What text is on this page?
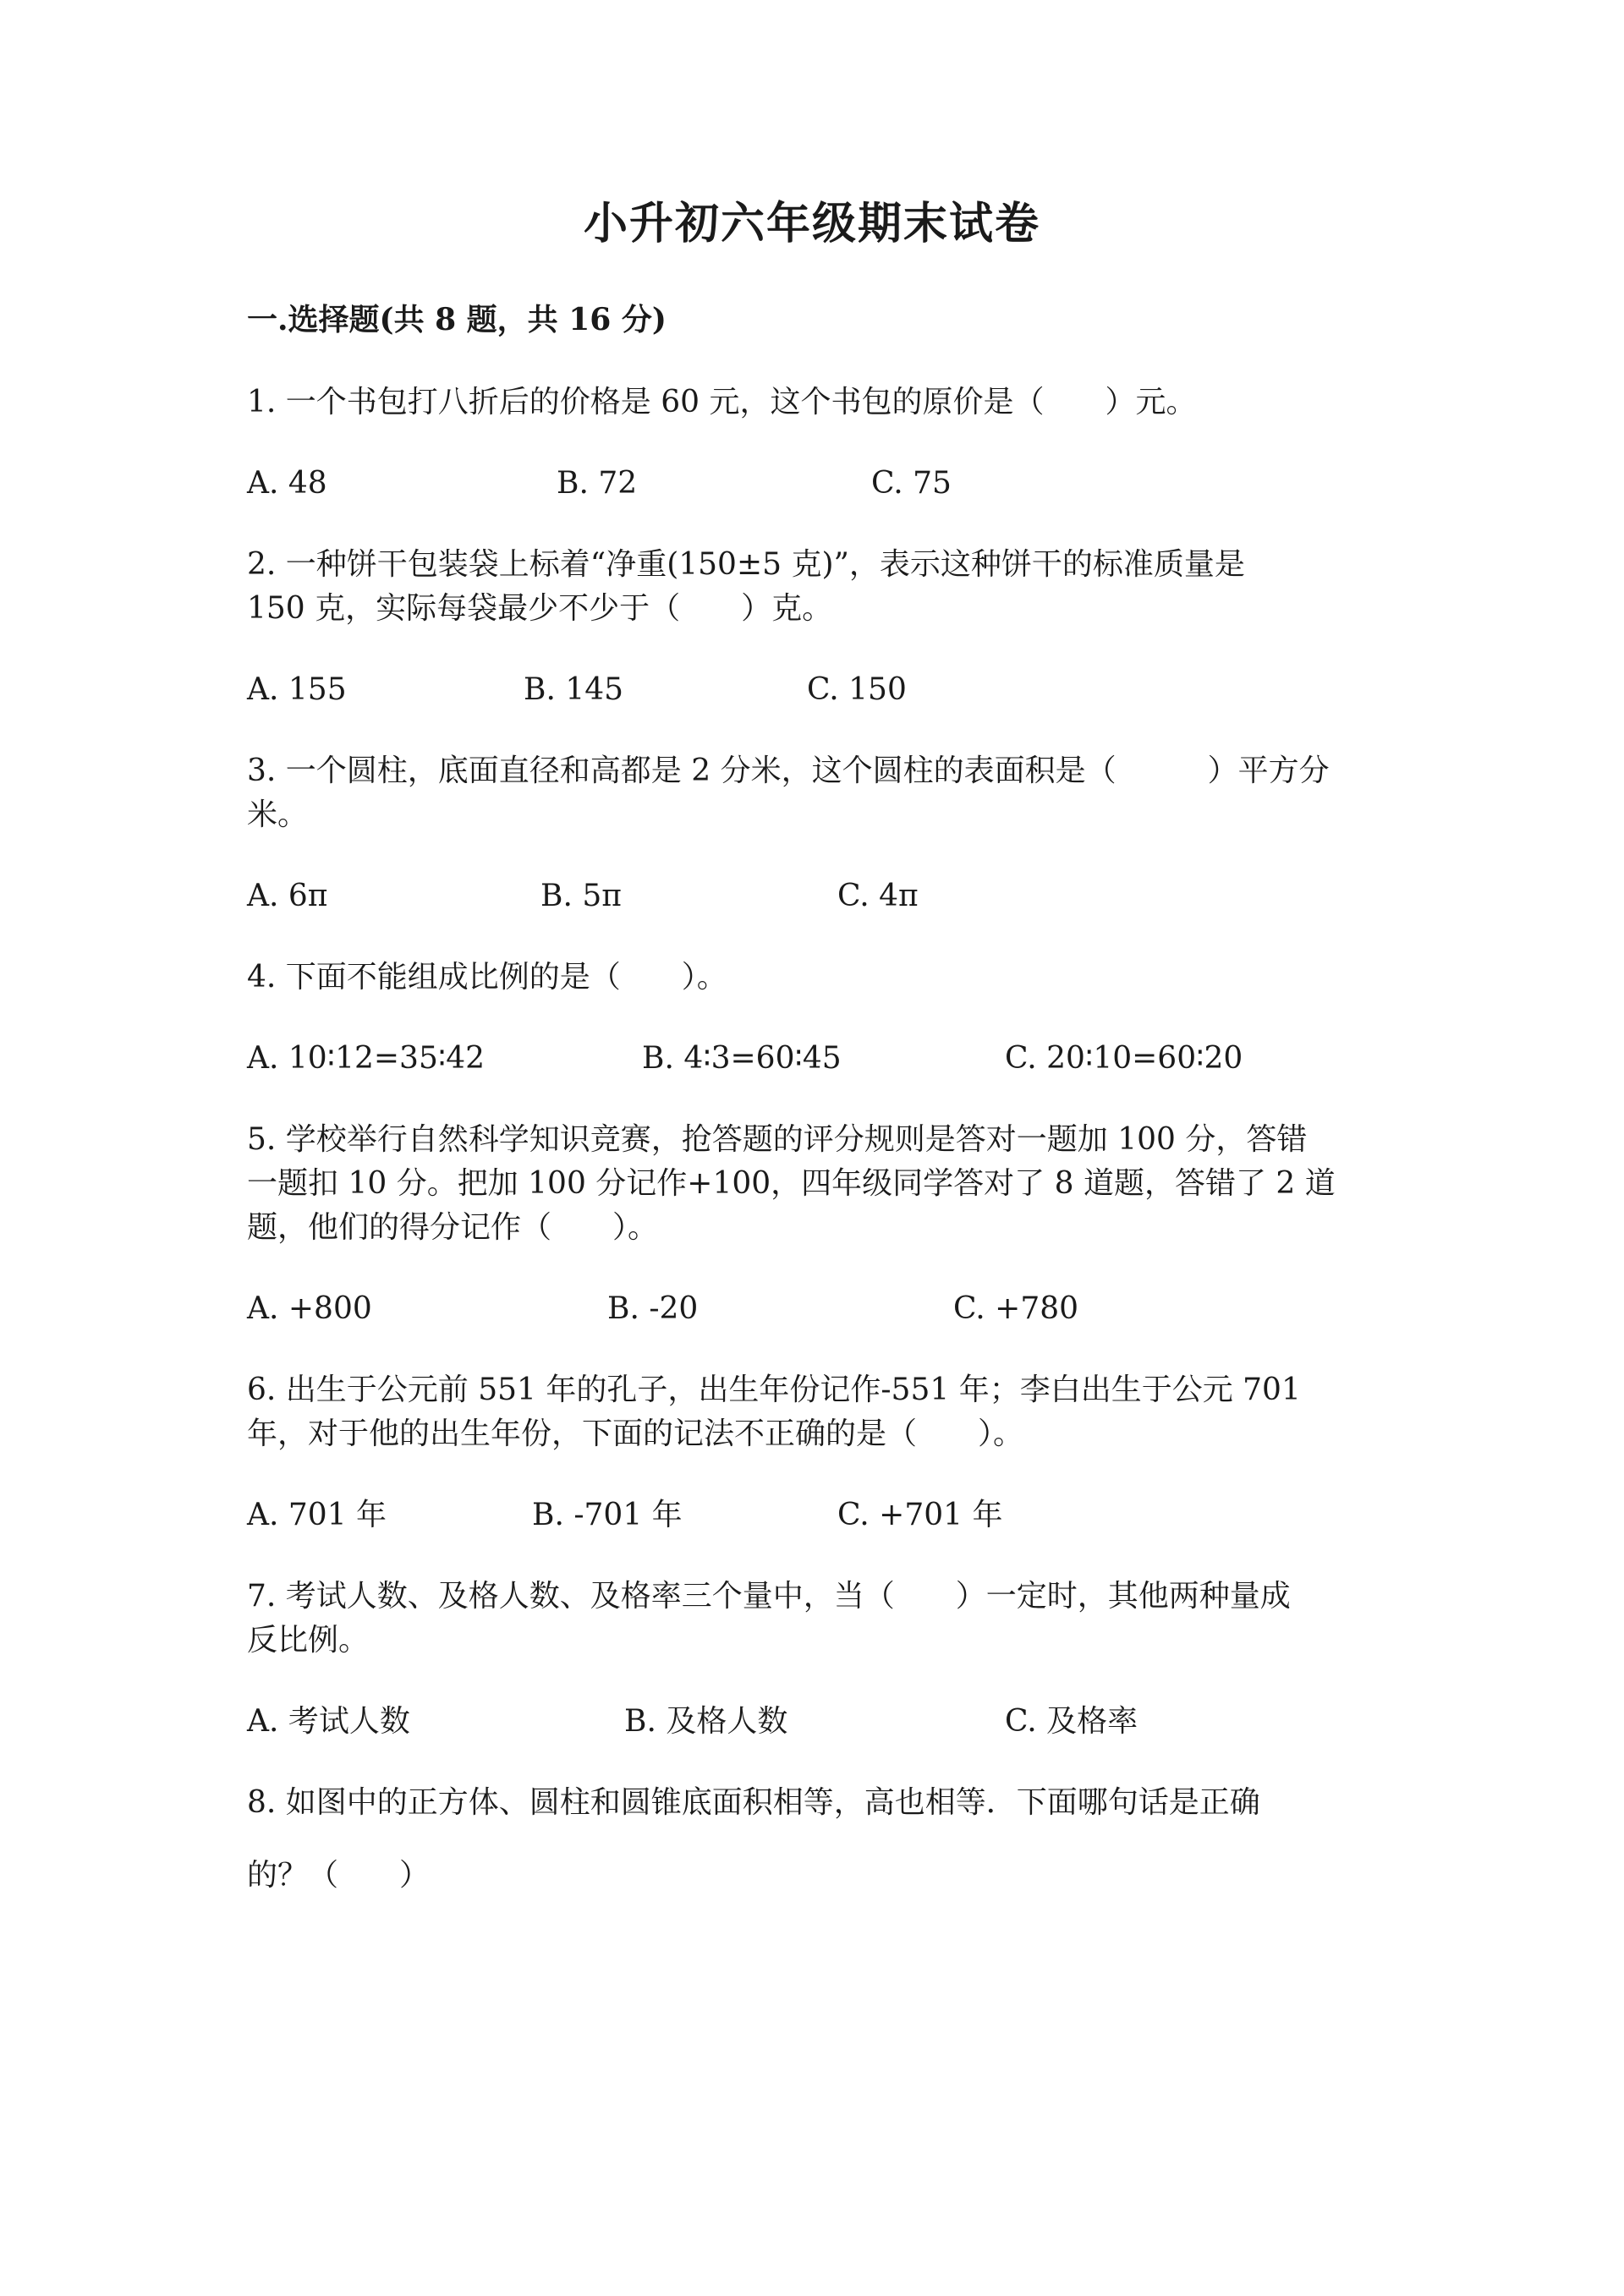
小升初六年级期末试卷
一.选择题(共 8 题，共 16 分)
1. 一个书包打八折后的价格是 60 元，这个书包的原价是（　　）元。
A. 48	B. 72	C. 75
2. 一种饼干包装袋上标着“净重(150±5 克)”，表示这种饼干的标准质量是
150 克，实际每袋最少不少于（　　）克。
A. 155	B. 145	C. 150
3. 一个圆柱，底面直径和高都是 2 分米，这个圆柱的表面积是（　　　）平方分
米。
A. 6π	B. 5π	C. 4π
4. 下面不能组成比例的是（　　）。
A. 10∶12=35∶42	B. 4∶3=60∶45	C. 20∶10=60∶20
5. 学校举行自然科学知识竞赛，抢答题的评分规则是答对一题加 100 分，答错
一题扣 10 分。把加 100 分记作+100，四年级同学答对了 8 道题，答错了 2 道
题，他们的得分记作（　　）。
A. +800	B. -20	C. +780
6. 出生于公元前 551 年的孔子，出生年份记作-551 年；李白出生于公元 701
年，对于他的出生年份，下面的记法不正确的是（　　）。
A. 701 年	B. -701 年	C. +701 年
7. 考试人数、及格人数、及格率三个量中，当（　　）一定时，其他两种量成
反比例。
A. 考试人数	B. 及格人数	C. 及格率
8. 如图中的正方体、圆柱和圆锥底面积相等，高也相等．下面哪句话是正确
的？（　　）
